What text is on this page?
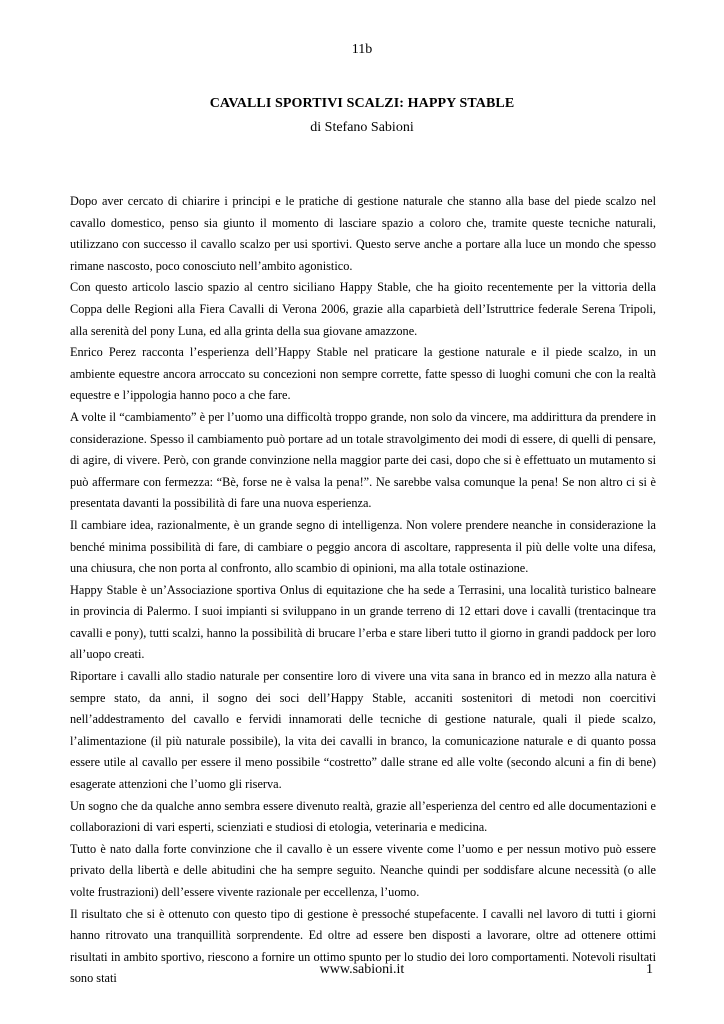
11b
CAVALLI SPORTIVI SCALZI: HAPPY STABLE
di Stefano Sabioni

Dopo aver cercato di chiarire i principi e le pratiche di gestione naturale che stanno alla base del piede scalzo nel cavallo domestico, penso sia giunto il momento di lasciare spazio a coloro che, tramite queste tecniche naturali, utilizzano con successo il cavallo scalzo per usi sportivi. Questo serve anche a portare alla luce un mondo che spesso rimane nascosto, poco conosciuto nell’ambito agonistico.

Con questo articolo lascio spazio al centro siciliano Happy Stable, che ha gioito recentemente per la vittoria della Coppa delle Regioni alla Fiera Cavalli di Verona 2006, grazie alla caparbietà dell’Istruttrice federale Serena Tripoli, alla serenità del pony Luna, ed alla grinta della sua giovane amazzone.

Enrico Perez racconta l’esperienza dell’Happy Stable nel praticare la gestione naturale e il piede scalzo, in un ambiente equestre ancora arroccato su concezioni non sempre corrette, fatte spesso di luoghi comuni che con la realtà equestre e l’ippologia hanno poco a che fare.

A volte il “cambiamento” è per l’uomo una difficoltà troppo grande, non solo da vincere, ma addirittura da prendere in considerazione. Spesso il cambiamento può portare ad un totale stravolgimento dei modi di essere, di quelli di pensare, di agire, di vivere. Però, con grande convinzione nella maggior parte dei casi, dopo che si è effettuato un mutamento si può affermare con fermezza: “Bè, forse ne è valsa la pena!”. Ne sarebbe valsa comunque la pena! Se non altro ci si è presentata davanti la possibilità di fare una nuova esperienza.

Il cambiare idea, razionalmente, è un grande segno di intelligenza. Non volere prendere neanche in considerazione la benché minima possibilità di fare, di cambiare o peggio ancora di ascoltare, rappresenta il più delle volte una difesa, una chiusura, che non porta al confronto, allo scambio di opinioni, ma alla totale ostinazione.

Happy Stable è un’Associazione sportiva Onlus di equitazione che ha sede a Terrasini, una località turistico balneare in provincia di Palermo. I suoi impianti si sviluppano in un grande terreno di 12 ettari dove i cavalli (trentacinque tra cavalli e pony), tutti scalzi, hanno la possibilità di brucare l’erba e stare liberi tutto il giorno in grandi paddock per loro all’uopo creati.

Riportare i cavalli allo stadio naturale per consentire loro di vivere una vita sana in branco ed in mezzo alla natura è sempre stato, da anni, il sogno dei soci dell’Happy Stable, accaniti sostenitori di metodi non coercitivi nell’addestramento del cavallo e fervidi innamorati delle tecniche di gestione naturale, quali il piede scalzo, l’alimentazione (il più naturale possibile), la vita dei cavalli in branco, la comunicazione naturale e di quanto possa essere utile al cavallo per essere il meno possibile “costretto” dalle strane ed alle volte (secondo alcuni a fin di bene) esagerate attenzioni che l’uomo gli riserva.

Un sogno che da qualche anno sembra essere divenuto realtà, grazie all’esperienza del centro ed alle documentazioni e collaborazioni di vari esperti, scienziati e studiosi di etologia, veterinaria e medicina.

Tutto è nato dalla forte convinzione che il cavallo è un essere vivente come l’uomo e per nessun motivo può essere privato della libertà e delle abitudini che ha sempre seguito. Neanche quindi per soddisfare alcune necessità (o alle volte frustrazioni) dell’essere vivente razionale per eccellenza, l’uomo.

Il risultato che si è ottenuto con questo tipo di gestione è pressoché stupefacente. I cavalli nel lavoro di tutti i giorni hanno ritrovato una tranquillità sorprendente. Ed oltre ad essere ben disposti a lavorare, oltre ad ottenere ottimi risultati in ambito sportivo, riescono a fornire un ottimo spunto per lo studio dei loro comportamenti. Notevoli risultati sono stati

www.sabioni.it	1
